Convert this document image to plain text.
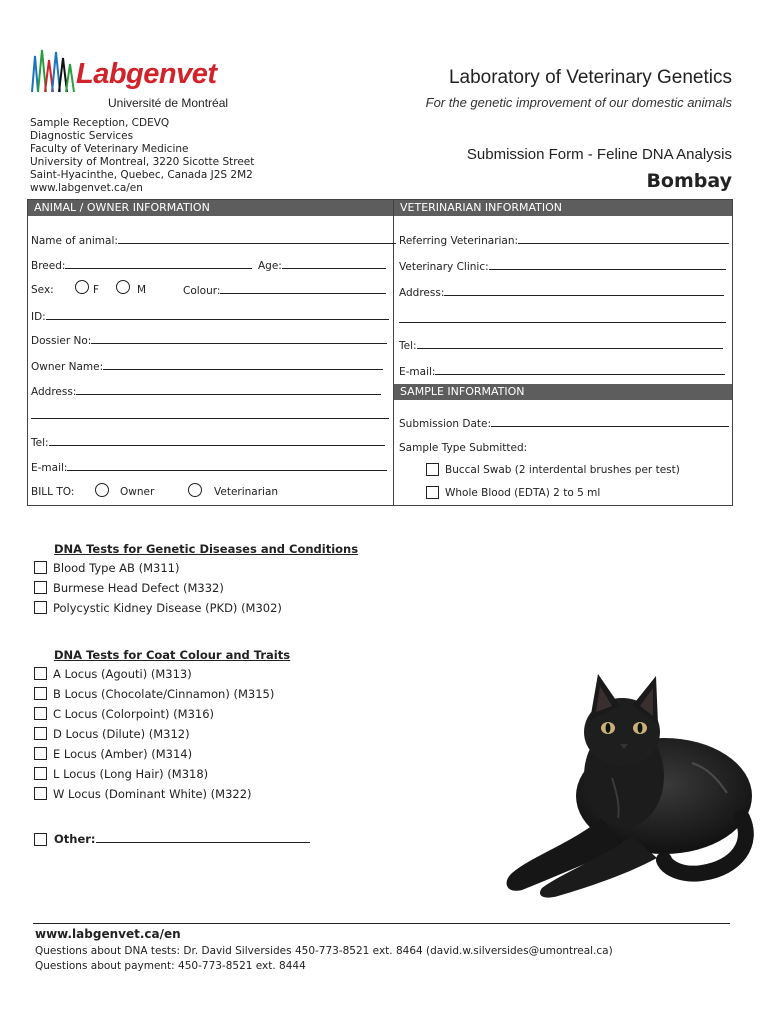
Labgenvet
Université de Montréal
Laboratory of Veterinary Genetics
For the genetic improvement of our domestic animals
Sample Reception, CDEVQ
Diagnostic Services
Faculty of Veterinary Medicine
University of Montreal, 3220 Sicotte Street
Saint-Hyacinthe, Quebec, Canada J2S 2M2
www.labgenvet.ca/en
Submission Form - Feline DNA Analysis
Bombay
ANIMAL / OWNER INFORMATION	VETERINARIAN INFORMATION
Name of animal:
Breed:	Age:
Sex:	F	M	Colour:
ID:
Dossier No:
Owner Name:
Address:
Tel:
E-mail:
BILL TO:	Owner	Veterinarian
Referring Veterinarian:
Veterinary Clinic:
Address:
Tel:
E-mail:
SAMPLE INFORMATION
Submission Date:
Sample Type Submitted:
Buccal Swab (2 interdental brushes per test)
Whole Blood (EDTA) 2 to 5 ml
DNA Tests for Genetic Diseases and Conditions
Blood Type AB (M311)
Burmese Head Defect (M332)
Polycystic Kidney Disease (PKD) (M302)
DNA Tests for Coat Colour and Traits
A Locus (Agouti) (M313)
B Locus (Chocolate/Cinnamon) (M315)
C Locus (Colorpoint) (M316)
D Locus (Dilute) (M312)
E Locus (Amber) (M314)
L Locus (Long Hair) (M318)
W Locus (Dominant White) (M322)
Other:
www.labgenvet.ca/en
Questions about DNA tests: Dr. David Silversides 450-773-8521 ext. 8464 (david.w.silversides@umontreal.ca)
Questions about payment: 450-773-8521 ext. 8444
